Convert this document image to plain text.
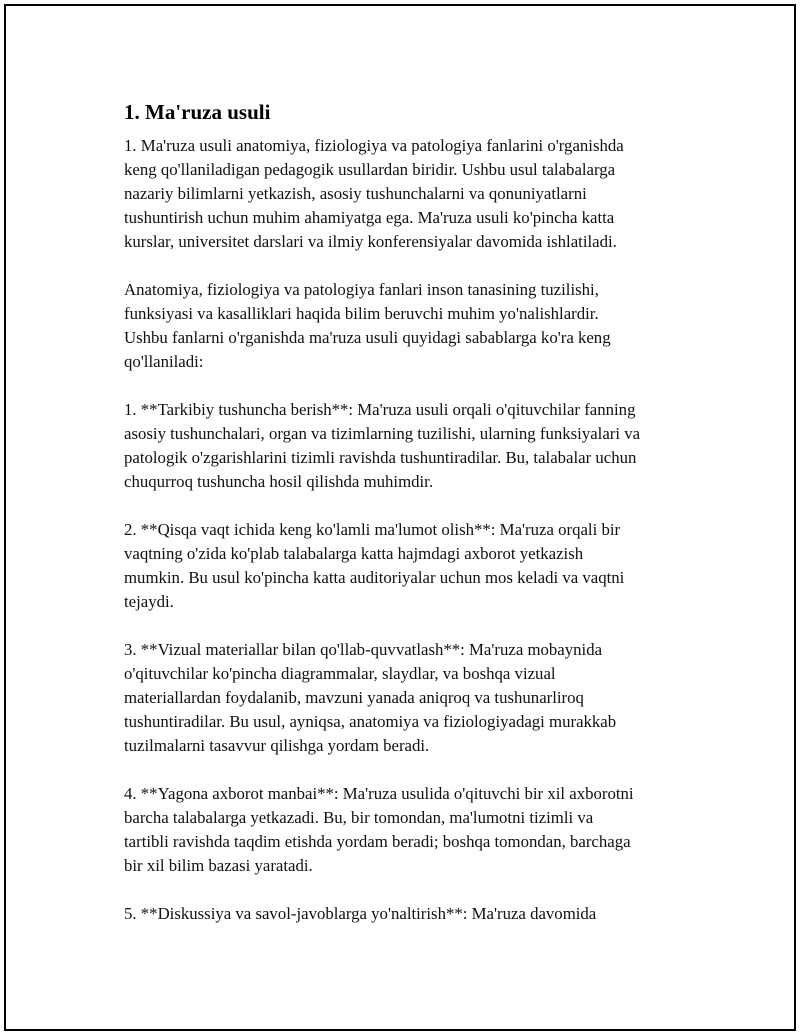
1. Ma'ruza usuli

1. Ma'ruza usuli anatomiya, fiziologiya va patologiya fanlarini o'rganishda
keng qo'llaniladigan pedagogik usullardan biridir. Ushbu usul talabalarga
nazariy bilimlarni yetkazish, asosiy tushunchalarni va qonuniyatlarni
tushuntirish uchun muhim ahamiyatga ega. Ma'ruza usuli ko'pincha katta
kurslar, universitet darslari va ilmiy konferensiyalar davomida ishlatiladi.

Anatomiya, fiziologiya va patologiya fanlari inson tanasining tuzilishi,
funksiyasi va kasalliklari haqida bilim beruvchi muhim yo'nalishlardir.
Ushbu fanlarni o'rganishda ma'ruza usuli quyidagi sabablarga ko'ra keng
qo'llaniladi:

1. **Tarkibiy tushuncha berish**: Ma'ruza usuli orqali o'qituvchilar fanning
asosiy tushunchalari, organ va tizimlarning tuzilishi, ularning funksiyalari va
patologik o'zgarishlarini tizimli ravishda tushuntiradilar. Bu, talabalar uchun
chuqurroq tushuncha hosil qilishda muhimdir.

2. **Qisqa vaqt ichida keng ko'lamli ma'lumot olish**: Ma'ruza orqali bir
vaqtning o'zida ko'plab talabalarga katta hajmdagi axborot yetkazish
mumkin. Bu usul ko'pincha katta auditoriyalar uchun mos keladi va vaqtni
tejaydi.

3. **Vizual materiallar bilan qo'llab-quvvatlash**: Ma'ruza mobaynida
o'qituvchilar ko'pincha diagrammalar, slaydlar, va boshqa vizual
materiallardan foydalanib, mavzuni yanada aniqroq va tushunarliroq
tushuntiradilar. Bu usul, ayniqsa, anatomiya va fiziologiyadagi murakkab
tuzilmalarni tasavvur qilishga yordam beradi.

4. **Yagona axborot manbai**: Ma'ruza usulida o'qituvchi bir xil axborotni
barcha talabalarga yetkazadi. Bu, bir tomondan, ma'lumotni tizimli va
tartibli ravishda taqdim etishda yordam beradi; boshqa tomondan, barchaga
bir xil bilim bazasi yaratadi.

5. **Diskussiya va savol-javoblarga yo'naltirish**: Ma'ruza davomida
